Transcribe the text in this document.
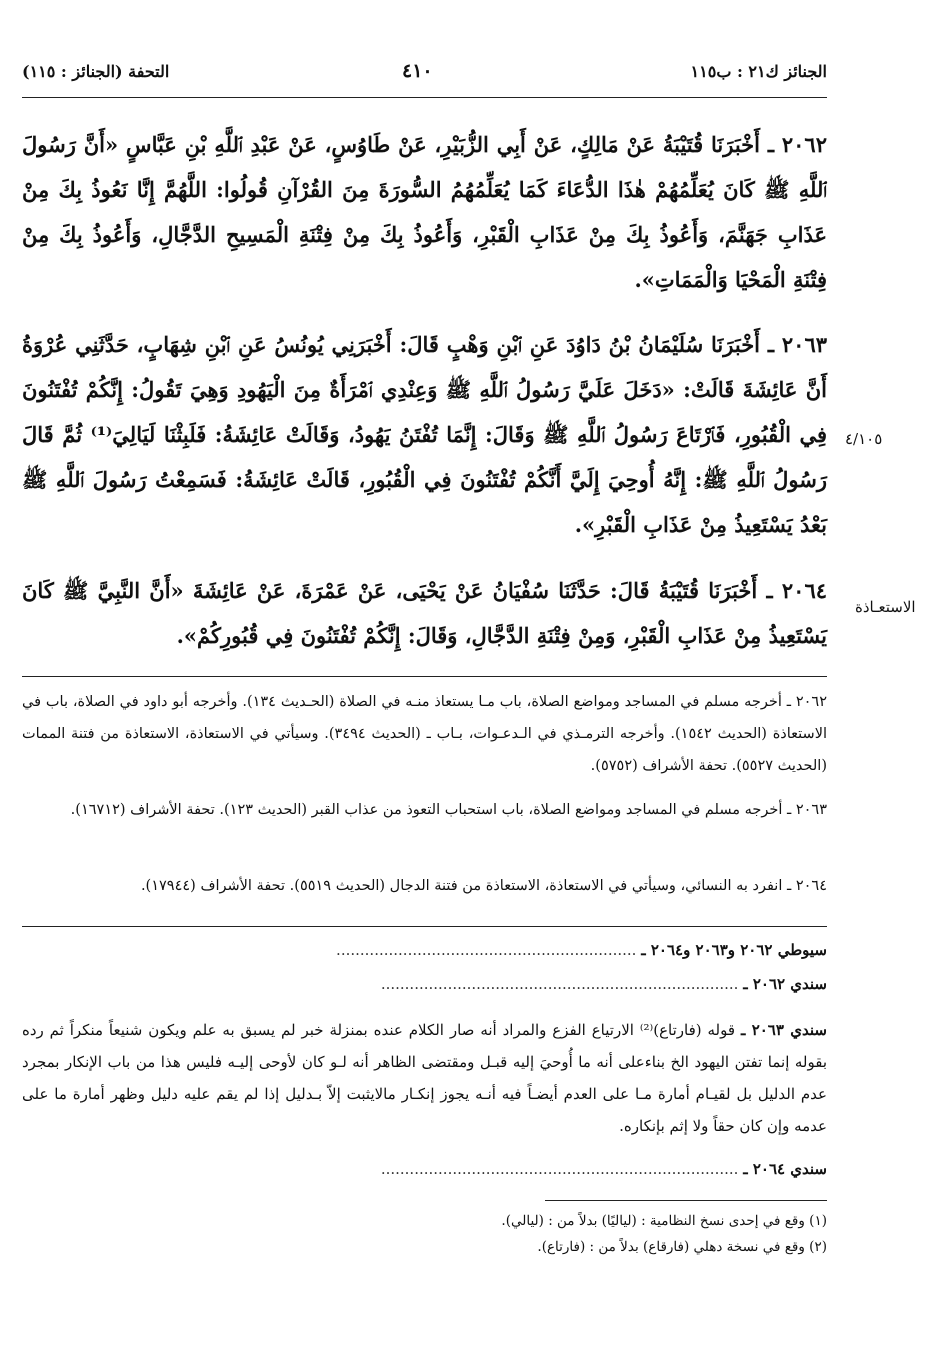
الجنائز ك٢١ : ب١١٥
٤١٠
التحفة (الجنائز : ١١٥)
٢٠٦٢ ـ أَخْبَرَنَا قُتَيْبَةُ عَنْ مَالِكٍ، عَنْ أَبِي الزُّبَيْرِ، عَنْ طَاوُسٍ، عَنْ عَبْدِ ٱللَّهِ بْنِ عَبَّاسٍ «أَنَّ رَسُولَ ٱللَّهِ ﷺ كَانَ يُعَلِّمُهُمْ هٰذَا الدُّعَاءَ كَمَا يُعَلِّمُهُمُ السُّورَةَ مِنَ القُرْآنِ قُولُوا: اللَّهُمَّ إِنَّا نَعُوذُ بِكَ مِنْ عَذَابِ جَهَنَّمَ، وَأَعُوذُ بِكَ مِنْ عَذَابِ الْقَبْرِ، وَأَعُوذُ بِكَ مِنْ فِتْنَةِ الْمَسِيحِ الدَّجَّالِ، وَأَعُوذُ بِكَ مِنْ فِتْنَةِ الْمَحْيَا وَالْمَمَاتِ».
٢٠٦٣ ـ أَخْبَرَنَا سُلَيْمَانُ بْنُ دَاوُدَ عَنِ ٱبْنِ وَهْبٍ قَالَ: أَخْبَرَنِي يُونُسُ عَنِ ٱبْنِ شِهَابٍ، حَدَّثَنِي عُرْوَةُ أَنَّ عَائِشَةَ قَالَتْ: «دَخَلَ عَلَيَّ رَسُولُ ٱللَّهِ ﷺ وَعِنْدِي ٱمْرَأَةٌ مِنَ الْيَهُودِ وَهِيَ تَقُولُ: إِنَّكُمْ تُفْتَنُونَ فِي الْقُبُورِ، فَٱرْتَاعَ رَسُولُ ٱللَّهِ ﷺ وَقَالَ: إِنَّمَا تُفْتَنُ يَهُودُ، وَقَالَتْ عَائِشَةُ: فَلَبِثْنَا لَيَالِيَ⁽¹⁾ ثُمَّ قَالَ رَسُولُ ٱللَّهِ ﷺ: إِنَّهُ أُوحِيَ إِلَيَّ أَنَّكُمْ تُفْتَنُونَ فِي الْقُبُورِ، قَالَتْ عَائِشَةُ: فَسَمِعْتُ رَسُولَ ٱللَّهِ ﷺ بَعْدُ يَسْتَعِيذُ مِنْ عَذَابِ الْقَبْرِ».
٢٠٦٤ ـ أَخْبَرَنَا قُتَيْبَةُ قَالَ: حَدَّثَنَا سُفْيَانُ عَنْ يَحْيَى، عَنْ عَمْرَةَ، عَنْ عَائِشَةَ «أَنَّ النَّبِيَّ ﷺ كَانَ يَسْتَعِيذُ مِنْ عَذَابِ الْقَبْرِ، وَمِنْ فِتْنَةِ الدَّجَّالِ، وَقَالَ: إِنَّكُمْ تُفْتَنُونَ فِي قُبُورِكُمْ».
٤/١٠٥
الاستعـاذة
٢٠٦٢ ـ أخرجه مسلم في المساجد ومواضع الصلاة، باب مـا يستعاذ منـه في الصلاة (الحـديث ١٣٤). وأخرجه أبو داود في الصلاة، باب في الاستعاذة (الحديث ١٥٤٢). وأخرجه الترمـذي في الـدعـوات، بـاب ـ (الحديث ٣٤٩٤). وسيأتي في الاستعاذة، الاستعاذة من فتنة الممات (الحديث ٥٥٢٧). تحفة الأشراف (٥٧٥٢).
٢٠٦٣ ـ أخرجه مسلم في المساجد ومواضع الصلاة، باب استحباب التعوذ من عذاب القبر (الحديث ١٢٣). تحفة الأشراف (١٦٧١٢).
٢٠٦٤ ـ انفرد به النسائي، وسيأتي في الاستعاذة، الاستعاذة من فتنة الدجال (الحديث ٥٥١٩). تحفة الأشراف (١٧٩٤٤).
سيوطي ٢٠٦٢ و٢٠٦٣ و٢٠٦٤ ـ ...............................................................
سندي ٢٠٦٢ ـ ...........................................................................
سندي ٢٠٦٣ ـ قوله (فارتاع)⁽²⁾ الارتياع الفزع والمراد أنه صار الكلام عنده بمنزلة خبر لم يسبق به علم ويكون شنيعاً منكراً ثم رده بقوله إنما تفتن اليهود الخ بناءعلى أنه ما أُوحيَ إليه قبـل ومقتضى الظاهر أنه لـو كان لأوحى إليـه فليس هذا من باب الإنكار بمجرد عدم الدليل بل لقيـام أمارة مـا على العدم أيضـاً فيه أنـه يجوز إنكـار مالايثبت إلاّ بـدليل إذا لم يقم عليه دليل وظهر أمارة ما على عدمه وإن كان حقاً ولا إثم بإنكاره.
سندي ٢٠٦٤ ـ ...........................................................................
(١) وقع في إحدى نسخ النظامية : (لياليًا) بدلاً من : (ليالي).
(٢) وقع في نسخة دهلي (فارقاع) بدلاً من : (فارتاع).
